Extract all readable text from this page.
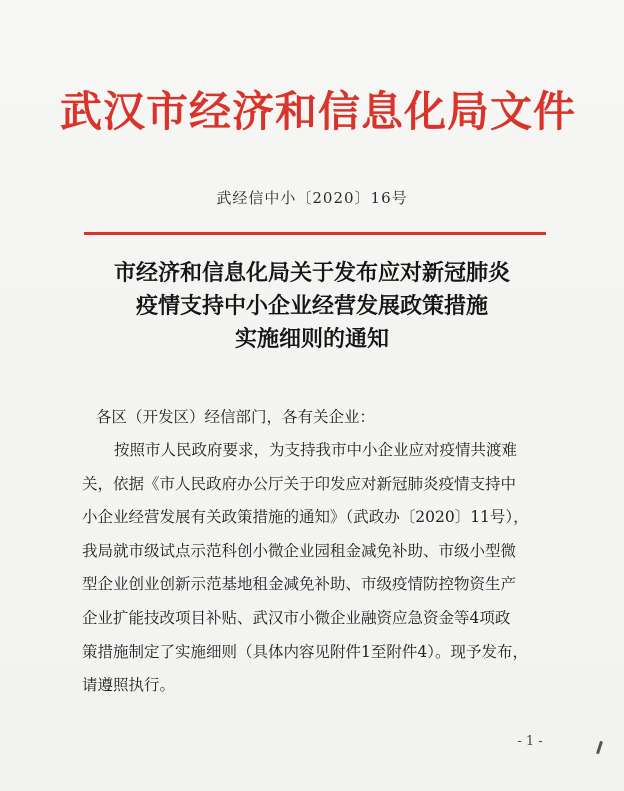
武汉市经济和信息化局文件
武经信中小〔2020〕16号
市经济和信息化局关于发布应对新冠肺炎
疫情支持中小企业经营发展政策措施
实施细则的通知
各区（开发区）经信部门，各有关企业：
按照市人民政府要求，为支持我市中小企业应对疫情共渡难
关，依据《市人民政府办公厅关于印发应对新冠肺炎疫情支持中
小企业经营发展有关政策措施的通知》（武政办〔2020〕11号），
我局就市级试点示范科创小微企业园租金减免补助、市级小型微
型企业创业创新示范基地租金减免补助、市级疫情防控物资生产
企业扩能技改项目补贴、武汉市小微企业融资应急资金等4项政
策措施制定了实施细则（具体内容见附件1至附件4）。现予发布，
请遵照执行。
- 1 -
